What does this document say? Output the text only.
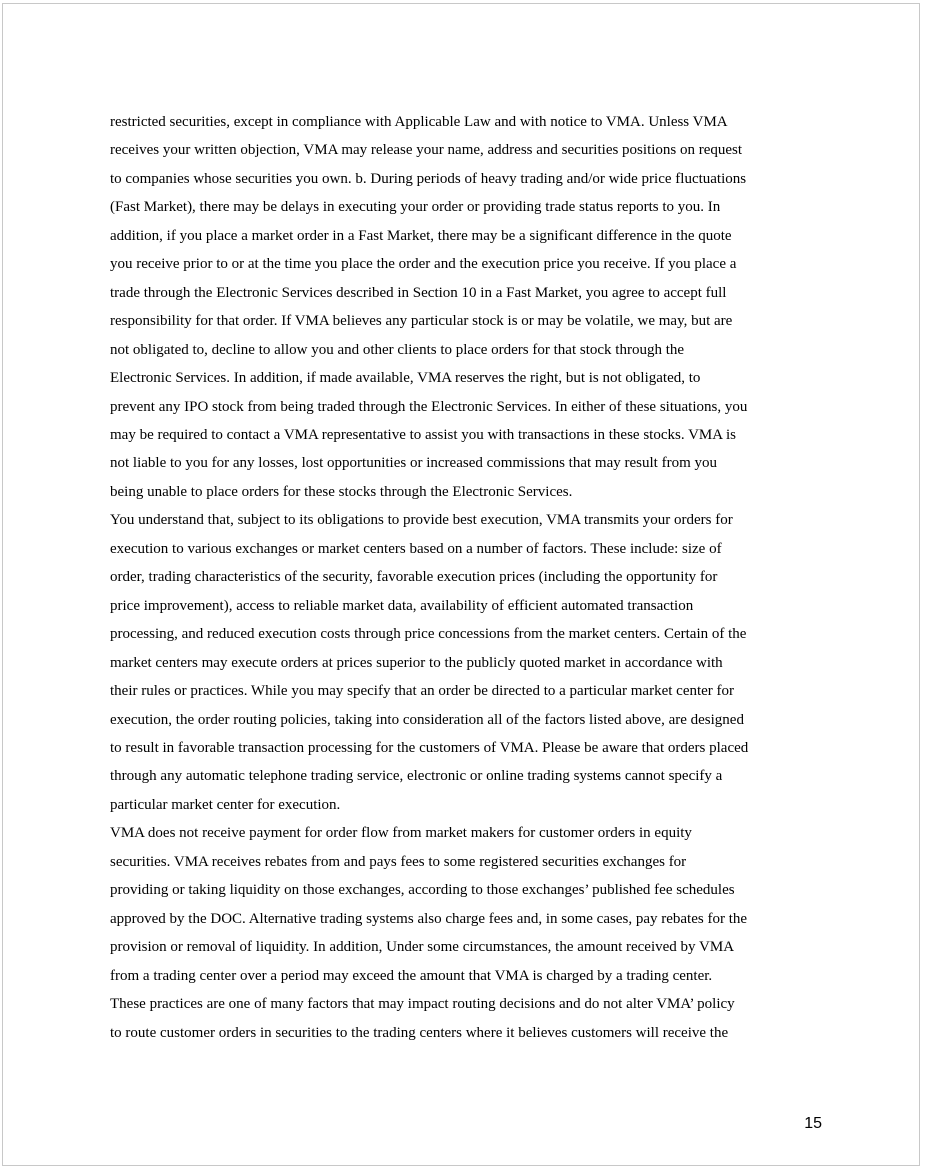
restricted securities, except in compliance with Applicable Law and with notice to VMA. Unless VMA
receives your written objection, VMA may release your name, address and securities positions on request
to companies whose securities you own. b. During periods of heavy trading and/or wide price fluctuations
(Fast Market), there may be delays in executing your order or providing trade status reports to you. In
addition, if you place a market order in a Fast Market, there may be a significant difference in the quote
you receive prior to or at the time you place the order and the execution price you receive. If you place a
trade through the Electronic Services described in Section 10 in a Fast Market, you agree to accept full
responsibility for that order. If VMA believes any particular stock is or may be volatile, we may, but are
not obligated to, decline to allow you and other clients to place orders for that stock through the
Electronic Services. In addition, if made available, VMA reserves the right, but is not obligated, to
prevent any IPO stock from being traded through the Electronic Services. In either of these situations, you
may be required to contact a VMA representative to assist you with transactions in these stocks. VMA is
not liable to you for any losses, lost opportunities or increased commissions that may result from you
being unable to place orders for these stocks through the Electronic Services.
You understand that, subject to its obligations to provide best execution, VMA transmits your orders for
execution to various exchanges or market centers based on a number of factors. These include: size of
order, trading characteristics of the security, favorable execution prices (including the opportunity for
price improvement), access to reliable market data, availability of efficient automated transaction
processing, and reduced execution costs through price concessions from the market centers. Certain of the
market centers may execute orders at prices superior to the publicly quoted market in accordance with
their rules or practices. While you may specify that an order be directed to a particular market center for
execution, the order routing policies, taking into consideration all of the factors listed above, are designed
to result in favorable transaction processing for the customers of VMA. Please be aware that orders placed
through any automatic telephone trading service, electronic or online trading systems cannot specify a
particular market center for execution.
VMA does not receive payment for order flow from market makers for customer orders in equity
securities. VMA receives rebates from and pays fees to some registered securities exchanges for
providing or taking liquidity on those exchanges, according to those exchanges’ published fee schedules
approved by the DOC. Alternative trading systems also charge fees and, in some cases, pay rebates for the
provision or removal of liquidity. In addition, Under some circumstances, the amount received by VMA
from a trading center over a period may exceed the amount that VMA is charged by a trading center.
These practices are one of many factors that may impact routing decisions and do not alter VMA’ policy
to route customer orders in securities to the trading centers where it believes customers will receive the
15
